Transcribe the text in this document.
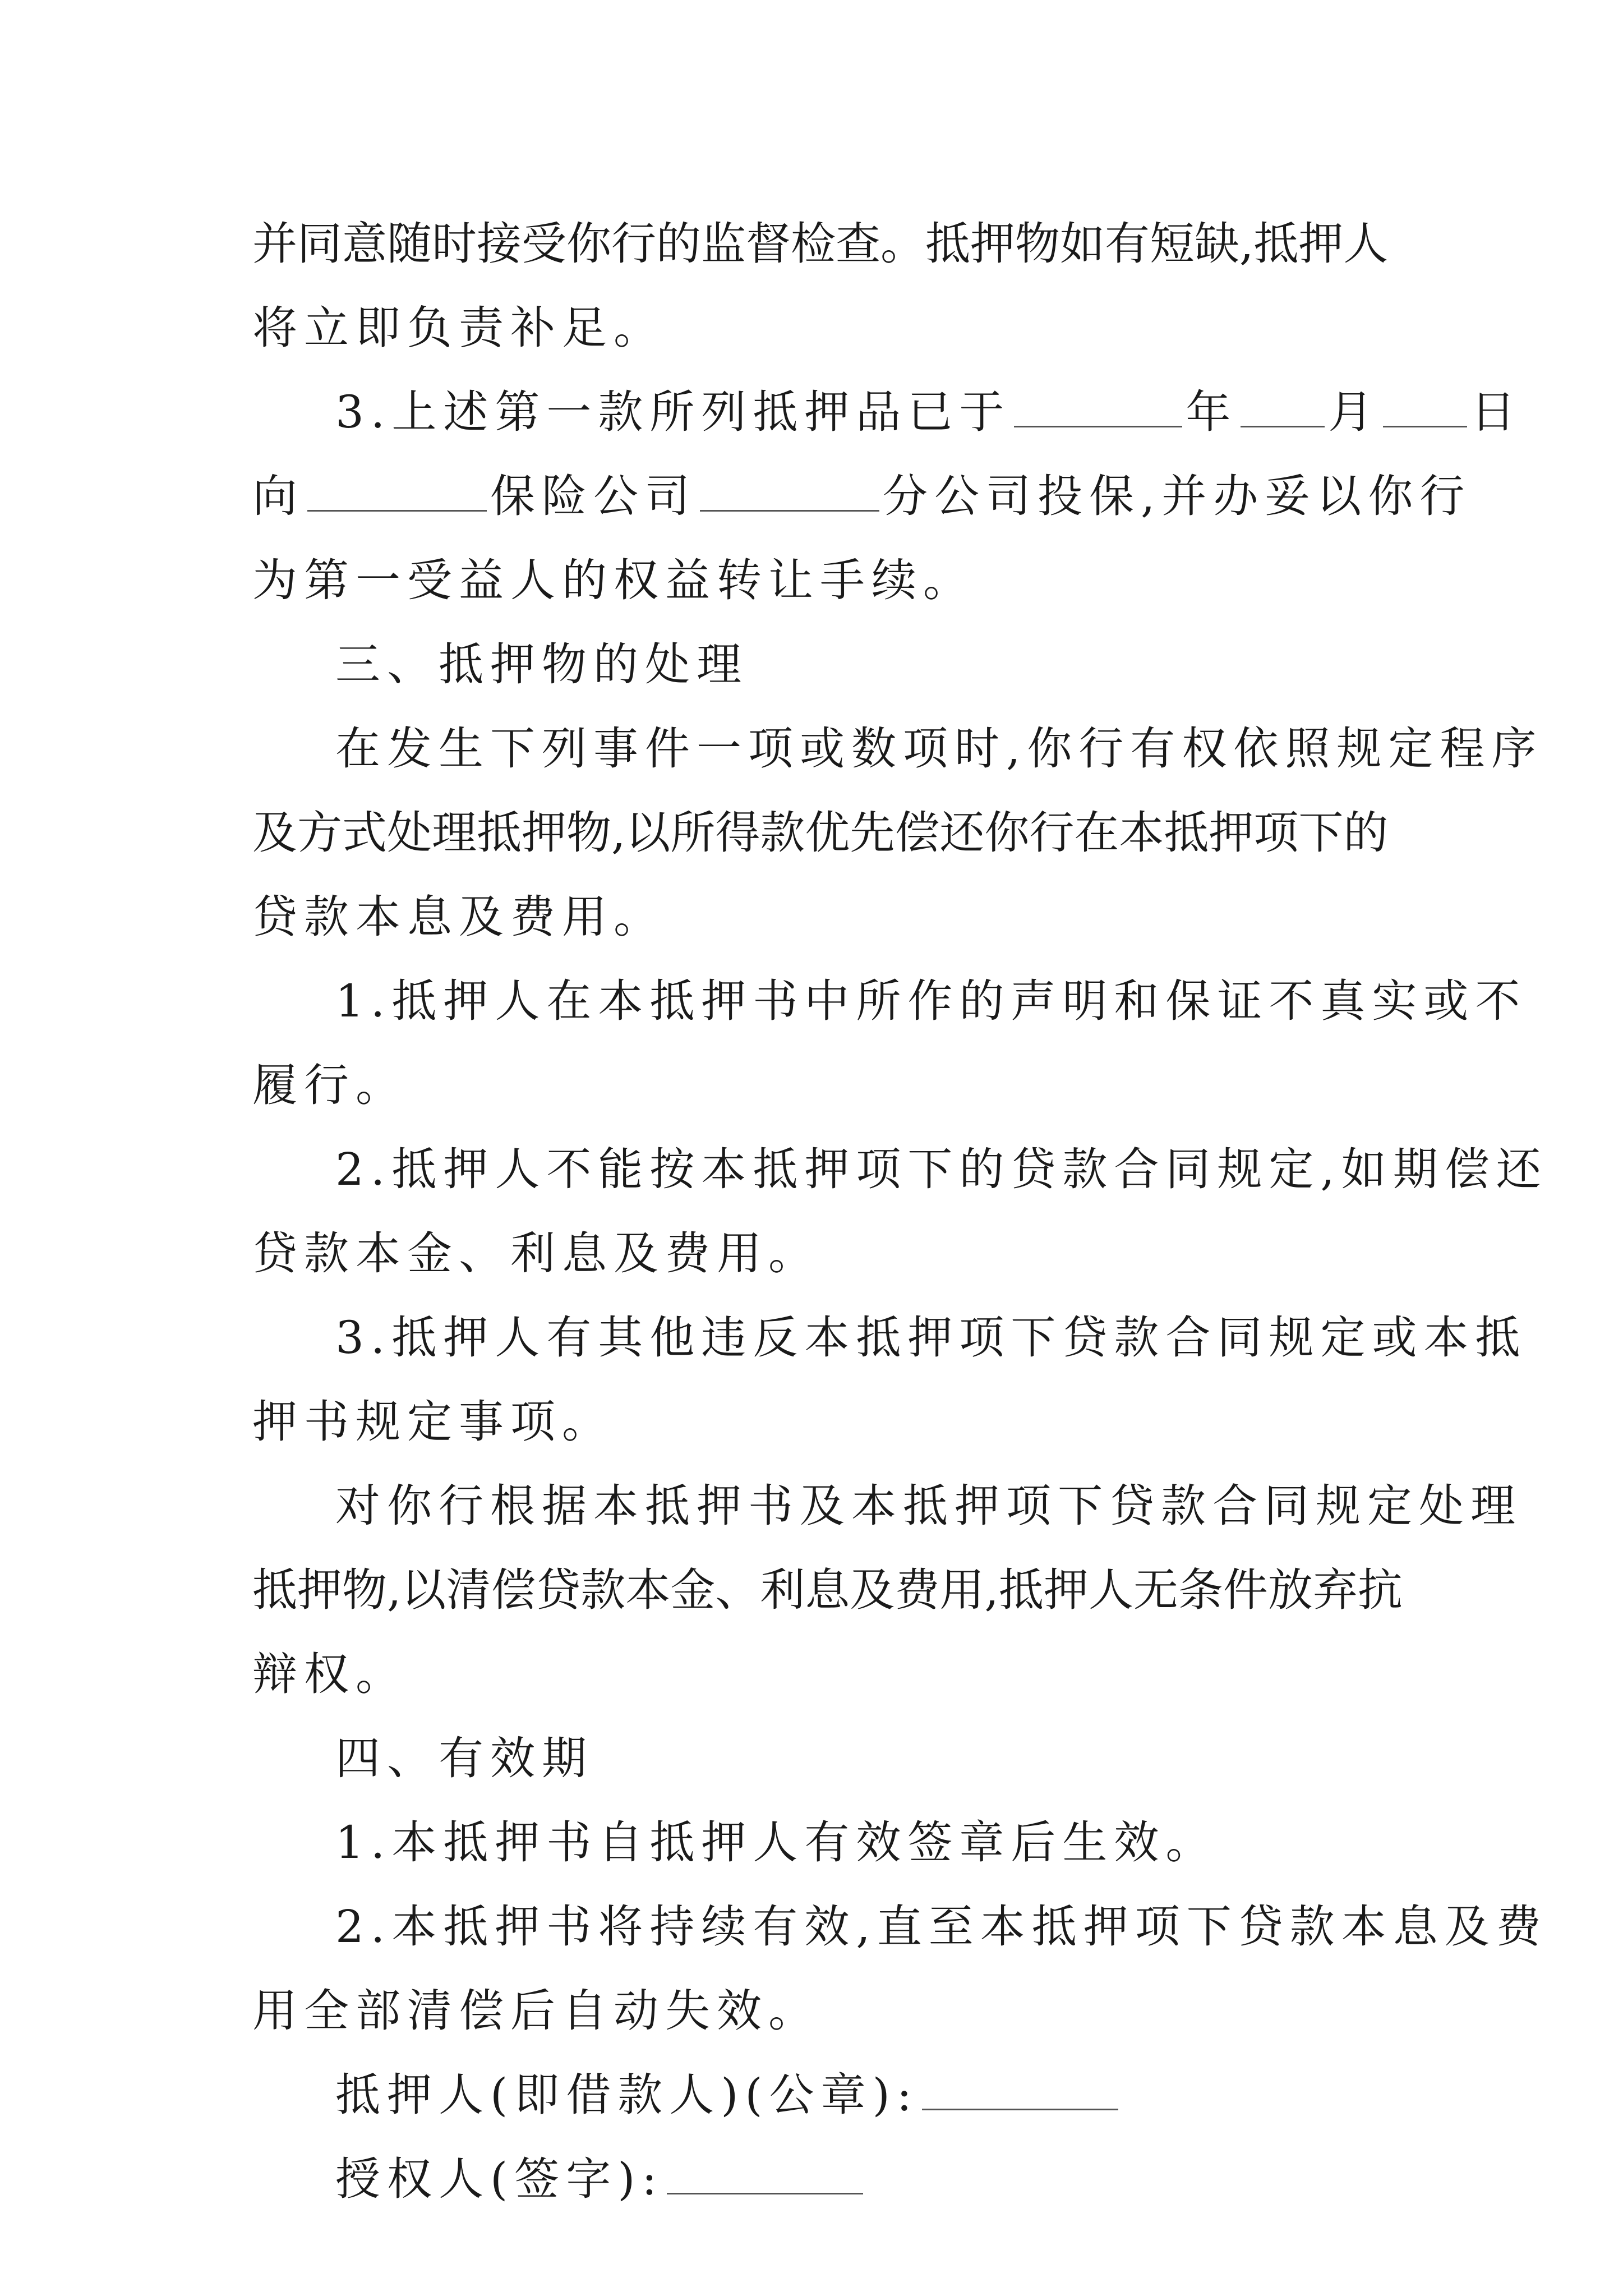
并同意随时接受你行的监督检查。抵押物如有短缺,抵押人
将立即负责补足。
3.上述第一款所列抵押品已于	年 月 日
向	保险公司	分公司投保,并办妥以你行
为第一受益人的权益转让手续。
三、抵押物的处理
在发生下列事件一项或数项时,你行有权依照规定程序
及方式处理抵押物,以所得款优先偿还你行在本抵押项下的
贷款本息及费用。
1.抵押人在本抵押书中所作的声明和保证不真实或不
履行。
2.抵押人不能按本抵押项下的贷款合同规定,如期偿还
贷款本金、利息及费用。
3.抵押人有其他违反本抵押项下贷款合同规定或本抵
押书规定事项。
对你行根据本抵押书及本抵押项下贷款合同规定处理
抵押物,以清偿贷款本金、利息及费用,抵押人无条件放弃抗
辩权。
四、有效期
1.本抵押书自抵押人有效签章后生效。
2.本抵押书将持续有效,直至本抵押项下贷款本息及费
用全部清偿后自动失效。
抵押人(即借款人)(公章):
授权人(签字):
